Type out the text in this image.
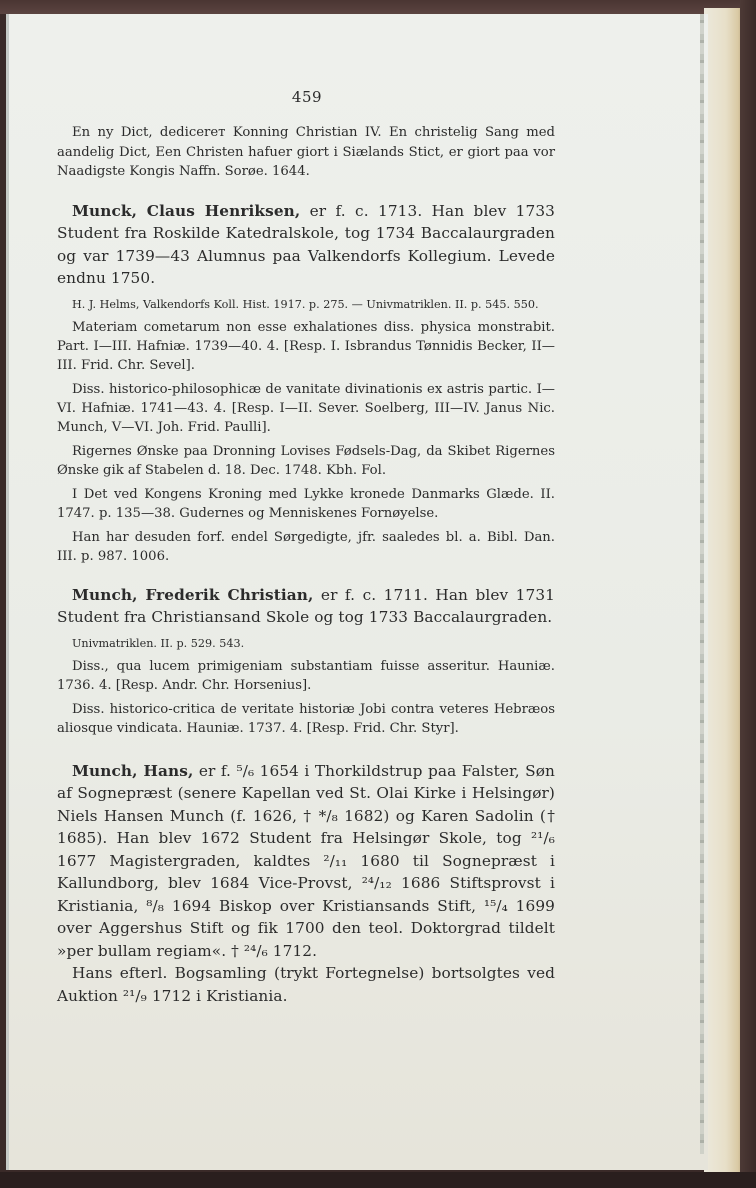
459

En ny Dict, dedicerет Konning Christian IV. En christelig Sang med aandelig Dict, Een Christen hafuer giort i Siælands Stict, er giort paa vor Naadigste Kongis Naffn. Sorøe. 1644.

Munck, Claus Henriksen, er f. c. 1713. Han blev 1733 Student fra Roskilde Katedralskole, tog 1734 Baccalaurgraden og var 1739—43 Alumnus paa Valkendorfs Kollegium. Levede endnu 1750.

H. J. Helms, Valkendorfs Koll. Hist. 1917. p. 275. — Univmatriklen. II. p. 545. 550.

Materiam cometarum non esse exhalationes diss. physica monstrabit. Part. I—III. Hafniæ. 1739—40. 4. [Resp. I. Isbrandus Tønnidis Becker, II—III. Frid. Chr. Sevel].

Diss. historico-philosophicæ de vanitate divinationis ex astris partic. I—VI. Hafniæ. 1741—43. 4. [Resp. I—II. Sever. Soelberg, III—IV. Janus Nic. Munch, V—VI. Joh. Frid. Paulli].

Rigernes Ønske paa Dronning Lovises Fødsels-Dag, da Skibet Rigernes Ønske gik af Stabelen d. 18. Dec. 1748. Kbh. Fol.

I Det ved Kongens Kroning med Lykke kronede Danmarks Glæde. II. 1747. p. 135—38. Gudernes og Menniskenes Fornøyelse.

Han har desuden forf. endel Sørgedigte, jfr. saaledes bl. a. Bibl. Dan. III. p. 987. 1006.

Munch, Frederik Christian, er f. c. 1711. Han blev 1731 Student fra Christiansand Skole og tog 1733 Baccalaurgraden.

Univmatriklen. II. p. 529. 543.

Diss., qua lucem primigeniam substantiam fuisse asseritur. Hauniæ. 1736. 4. [Resp. Andr. Chr. Horsenius].

Diss. historico-critica de veritate historiæ Jobi contra veteres Hebræos aliosque vindicata. Hauniæ. 1737. 4. [Resp. Frid. Chr. Styr].

Munch, Hans, er f. ⁵/₆ 1654 i Thorkildstrup paa Falster, Søn af Sognepræst (senere Kapellan ved St. Olai Kirke i Helsingør) Niels Hansen Munch (f. 1626, † */₈ 1682) og Karen Sadolin († 1685). Han blev 1672 Student fra Helsingør Skole, tog ²¹/₆ 1677 Magistergraden, kaldtes ²/₁₁ 1680 til Sognepræst i Kallundborg, blev 1684 Vice-Provst, ²⁴/₁₂ 1686 Stiftsprovst i Kristiania, ⁸/₈ 1694 Biskop over Kristiansands Stift, ¹⁵/₄ 1699 over Aggershus Stift og fik 1700 den teol. Doktorgrad tildelt »per bullam regiam«. † ²⁴/₆ 1712.

Hans efterl. Bogsamling (trykt Fortegnelse) bortsolgtes ved Auktion ²¹/₉ 1712 i Kristiania.
